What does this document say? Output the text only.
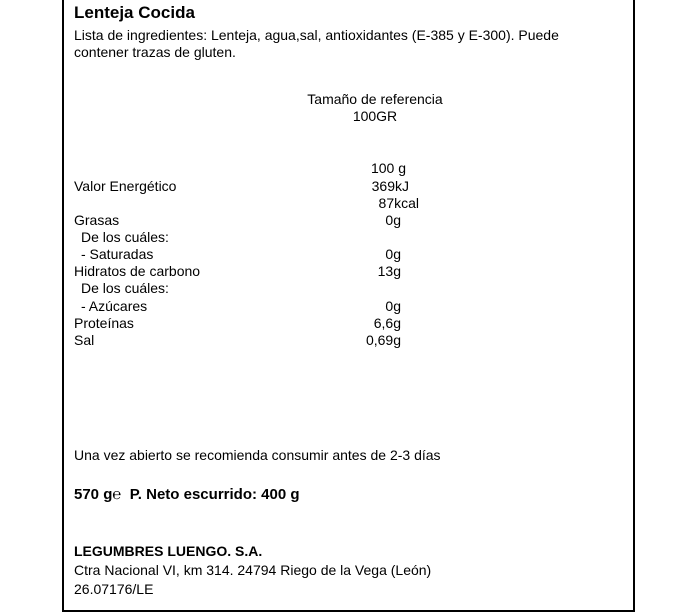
Lenteja Cocida
Lista de ingredientes: Lenteja, agua,sal, antioxidantes (E-385 y E-300). Puede contener trazas de gluten.
Tamaño de referencia
100GR
100 g
Valor Energético	369kJ
87kcal
Grasas	0g
De los cuáles:
- Saturadas	0g
Hidratos de carbono	13g
De los cuáles:
- Azúcares	0g
Proteínas	6,6g
Sal	0,69g
Una vez abierto se recomienda consumir antes de 2-3 días
570 g℮ P. Neto escurrido: 400 g
LEGUMBRES LUENGO. S.A.
Ctra Nacional VI, km 314. 24794 Riego de la Vega (León)
26.07176/LE
